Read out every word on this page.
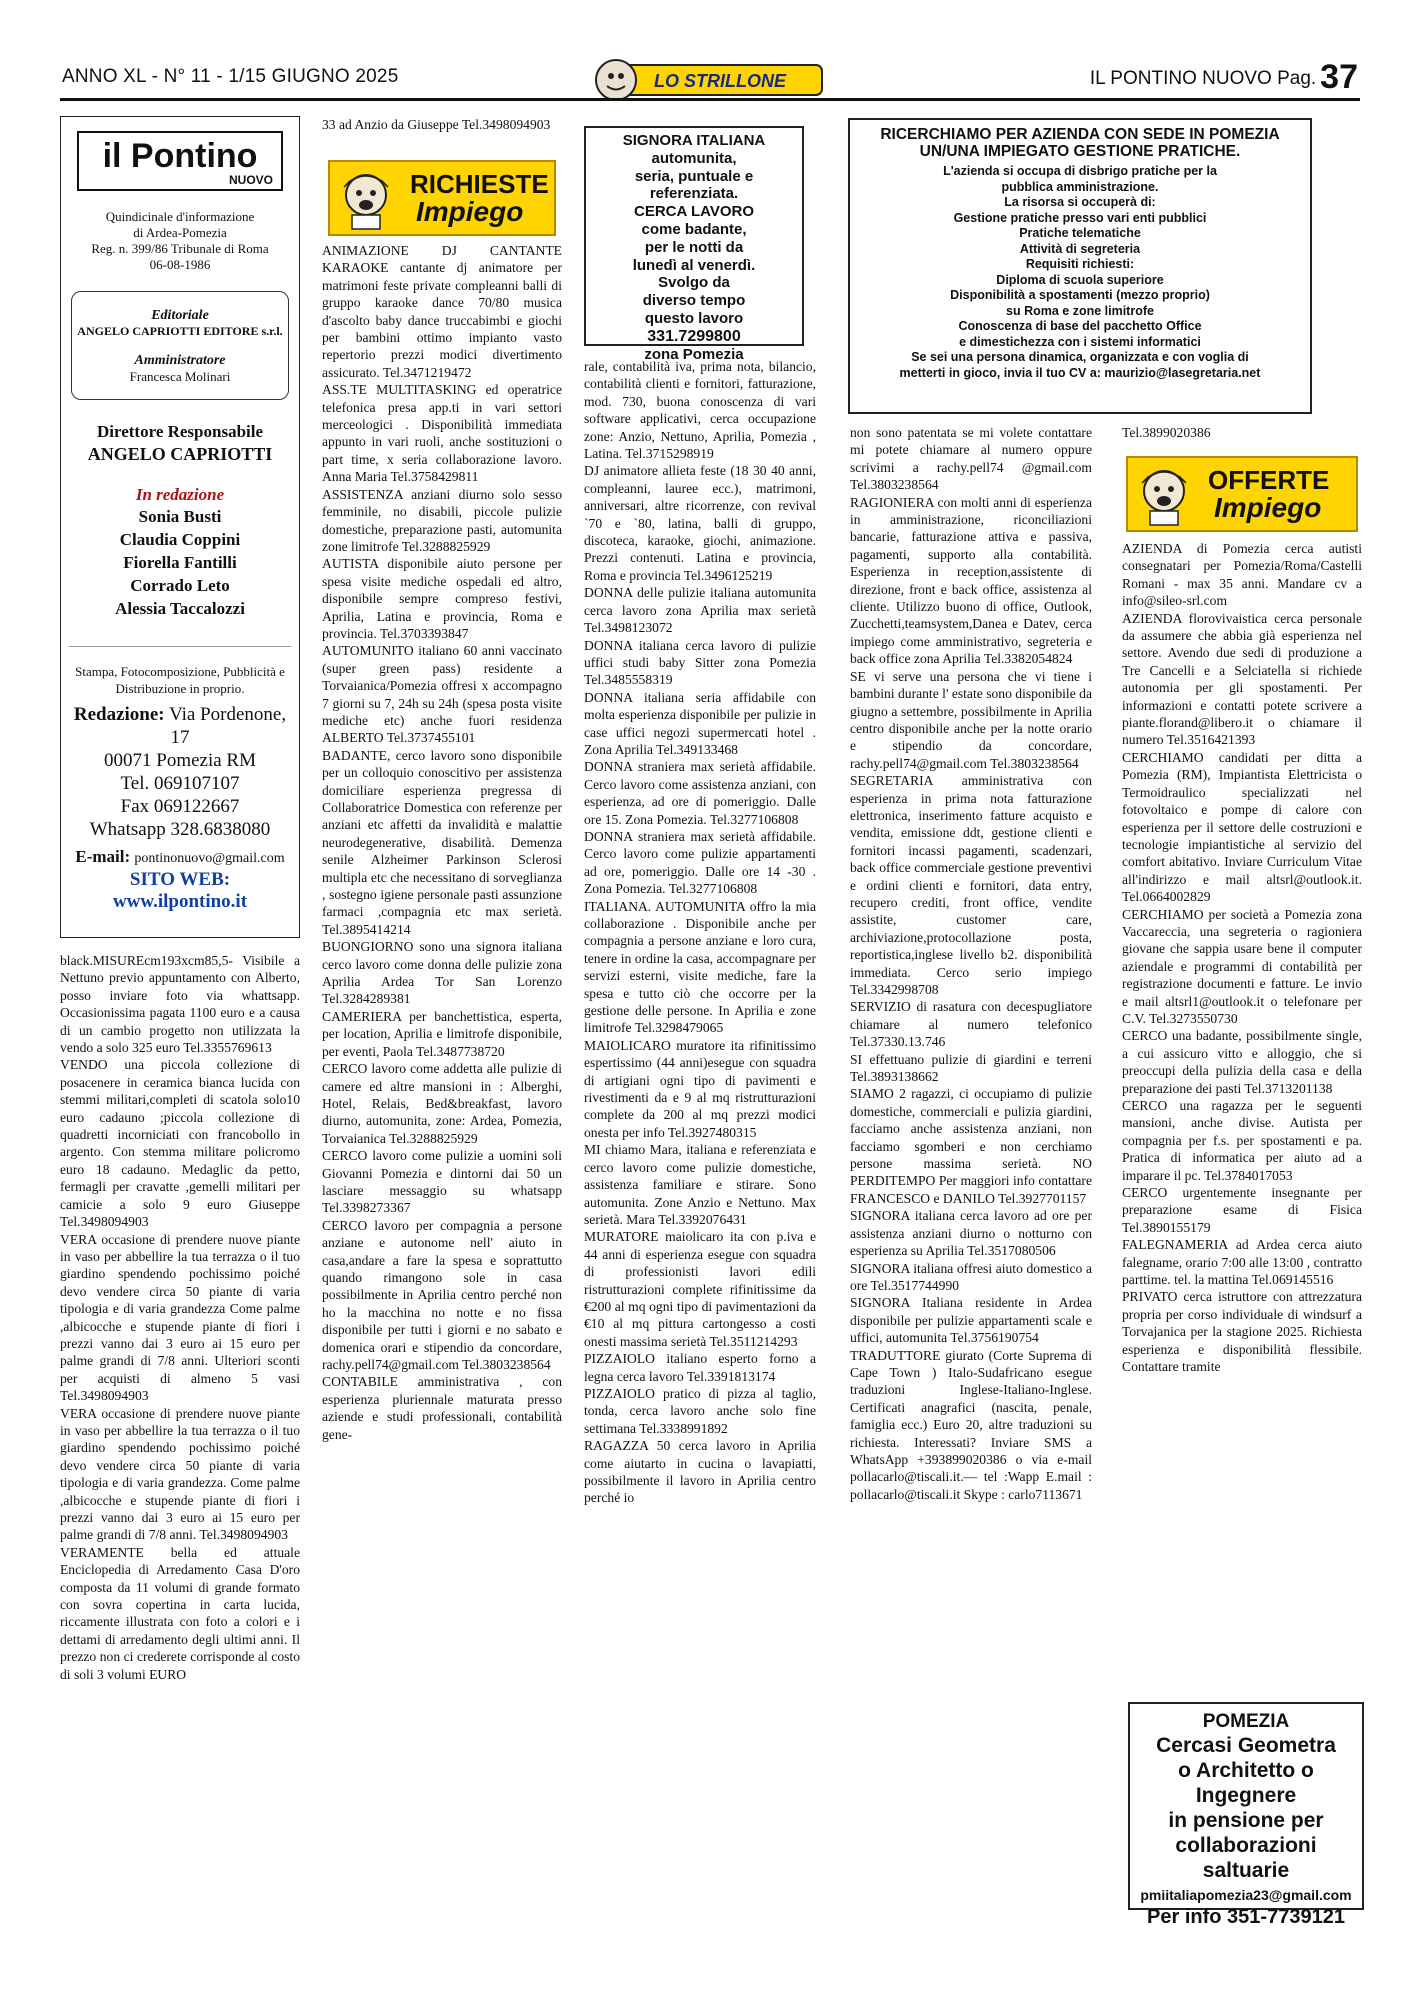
ANNO XL - N° 11 - 1/15 GIUGNO 2025	LO STRILLONE	IL PONTINO NUOVO Pag. 37
il Pontino
NUOVO
Quindicinale d'informazione
di Ardea-Pomezia
Reg. n. 399/86 Tribunale di Roma
06-08-1986
Editoriale
ANGELO CAPRIOTTI EDITORE s.r.l.
Amministratore
Francesca Molinari
Direttore Responsabile
ANGELO CAPRIOTTI
In redazione
Sonia Busti
Claudia Coppini
Fiorella Fantilli
Corrado Leto
Alessia Taccalozzi
Stampa, Fotocomposizione, Pubblicità e Distribuzione in proprio.
Redazione: Via Pordenone, 17
00071 Pomezia RM
Tel. 069107107
Fax 069122667
Whatsapp 328.6838080
E-mail: pontinonuovo@gmail.com
SITO WEB: www.ilpontino.it

black.MISUREcm193xcm85,5- Visibile a Nettuno previo appuntamento con Alberto, posso inviare foto via whattsapp. Occasionissima pagata 1100 euro e a causa di un cambio progetto non utilizzata la vendo a solo 325 euro Tel.3355769613

VENDO una piccola collezione di posacenere in ceramica bianca lucida con stemmi militari,completi di scatola solo10 euro cadauno ;piccola collezione di quadretti incorniciati con francobollo in argento. Con stemma militare policromo euro 18 cadauno. Medaglic da petto, fermagli per cravatte ,gemelli militari per camicie a solo 9 euro Giuseppe Tel.3498094903

VERA occasione di prendere nuove piante in vaso per abbellire la tua terrazza o il tuo giardino spendendo pochissimo poiché devo vendere circa 50 piante di varia tipologia e di varia grandezza Come palme ,albicocche e stupende piante di fiori i prezzi vanno dai 3 euro ai 15 euro per palme grandi di 7/8 anni. Ulteriori sconti per acquisti di almeno 5 vasi Tel.3498094903

VERA occasione di prendere nuove piante in vaso per abbellire la tua terrazza o il tuo giardino spendendo pochissimo poiché devo vendere circa 50 piante di varia tipologia e di varia grandezza. Come palme ,albicocche e stupende piante di fiori i prezzi vanno dai 3 euro ai 15 euro per palme grandi di 7/8 anni. Tel.3498094903

VERAMENTE bella ed attuale Enciclopedia di Arredamento Casa D'oro composta da 11 volumi di grande formato con sovra copertina in carta lucida, riccamente illustrata con foto a colori e i dettami di arredamento degli ultimi anni. Il prezzo non ci crederete corrisponde al costo di soli 3 volumi EURO

33 ad Anzio da Giuseppe Tel.3498094903

RICHIESTE
Impiego

ANIMAZIONE DJ CANTANTE KARAOKE cantante dj animatore per matrimoni feste private compleanni balli di gruppo karaoke dance 70/80 musica d'ascolto baby dance truccabimbi e giochi per bambini ottimo impianto vasto repertorio prezzi modici divertimento assicurato. Tel.3471219472

ASS.TE MULTITASKING ed operatrice telefonica presa app.ti in vari settori merceologici . Disponibilità immediata appunto in vari ruoli, anche sostituzioni o part time, x seria collaborazione lavoro. Anna Maria Tel.3758429811

ASSISTENZA anziani diurno solo sesso femminile, no disabili, piccole pulizie domestiche, preparazione pasti, automunita zone limitrofe Tel.3288825929

AUTISTA disponibile aiuto persone per spesa visite mediche ospedali ed altro, disponibile sempre compreso festivi, Aprilia, Latina e provincia, Roma e provincia. Tel.3703393847

AUTOMUNITO italiano 60 anni vaccinato (super green pass) residente a Torvaianica/Pomezia offresi x accompagno 7 giorni su 7, 24h su 24h (spesa posta visite mediche etc) anche fuori residenza ALBERTO Tel.3737455101

BADANTE, cerco lavoro sono disponibile per un colloquio conoscitivo per assistenza domiciliare esperienza pregressa di Collaboratrice Domestica con referenze per anziani etc affetti da invalidità e malattie neurodegenerative, disabilità. Demenza senile Alzheimer Parkinson Sclerosi multipla etc che necessitano di sorveglianza , sostegno igiene personale pasti assunzione farmaci ,compagnia etc max serietà. Tel.3895414214

BUONGIORNO sono una signora italiana cerco lavoro come donna delle pulizie zona Aprilia Ardea Tor San Lorenzo Tel.3284289381

CAMERIERA per banchettistica, esperta, per location, Aprilia e limitrofe disponibile, per eventi, Paola Tel.3487738720

CERCO lavoro come addetta alle pulizie di camere ed altre mansioni in : Alberghi, Hotel, Relais, Bed&breakfast, lavoro diurno, automunita, zone: Ardea, Pomezia, Torvaianica Tel.3288825929

CERCO lavoro come pulizie a uomini soli Giovanni Pomezia e dintorni dai 50 un lasciare messaggio su whatsapp Tel.3398273367

CERCO lavoro per compagnia a persone anziane e autonome nell' aiuto in casa,andare a fare la spesa e soprattutto quando rimangono sole in casa possibilmente in Aprilia centro perché non ho la macchina no notte e no fissa disponibile per tutti i giorni e no sabato e domenica orari e stipendio da concordare, rachy.pell74@gmail.com Tel.3803238564

CONTABILE amministrativa , con esperienza pluriennale maturata presso aziende e studi professionali, contabilità gene-

SIGNORA ITALIANA
automunita,
seria, puntuale e
referenziata.
CERCA LAVORO
come badante,
per le notti da
lunedì al venerdì.
Svolgo da
diverso tempo
questo lavoro
331.7299800
zona Pomezia

rale, contabilità iva, prima nota, bilancio, contabilità clienti e fornitori, fatturazione, mod. 730, buona conoscenza di vari software applicativi, cerca occupazione zone: Anzio, Nettuno, Aprilia, Pomezia , Latina. Tel.3715298919

DJ animatore allieta feste (18 30 40 anni, compleanni, lauree ecc.), matrimoni, anniversari, altre ricorrenze, con revival `70 e `80, latina, balli di gruppo, discoteca, karaoke, giochi, animazione. Prezzi contenuti. Latina e provincia, Roma e provincia Tel.3496125219

DONNA delle pulizie italiana automunita cerca lavoro zona Aprilia max serietà Tel.3498123072

DONNA italiana cerca lavoro di pulizie uffici studi baby Sitter zona Pomezia Tel.3485558319

DONNA italiana seria affidabile con molta esperienza disponibile per pulizie in case uffici negozi supermercati hotel . Zona Aprilia Tel.349133468

DONNA straniera max serietà affidabile. Cerco lavoro come assistenza anziani, con esperienza, ad ore di pomeriggio. Dalle ore 15. Zona Pomezia. Tel.3277106808

DONNA straniera max serietà affidabile. Cerco lavoro come pulizie appartamenti ad ore, pomeriggio. Dalle ore 14 -30 . Zona Pomezia. Tel.3277106808

ITALIANA. AUTOMUNITA offro la mia collaborazione . Disponibile anche per compagnia a persone anziane e loro cura, tenere in ordine la casa, accompagnare per servizi esterni, visite mediche, fare la spesa e tutto ciò che occorre per la gestione delle persone. In Aprilia e zone limitrofe Tel.3298479065

MAIOLICARO muratore ita rifinitissimo espertissimo (44 anni)esegue con squadra di artigiani ogni tipo di pavimenti e rivestimenti da e 9 al mq ristrutturazioni complete da 200 al mq prezzi modici onesta per info Tel.3927480315

MI chiamo Mara, italiana e referenziata e cerco lavoro come pulizie domestiche, assistenza familiare e stirare. Sono automunita. Zone Anzio e Nettuno. Max serietà. Mara Tel.3392076431

MURATORE maiolicaro ita con p.iva e 44 anni di esperienza esegue con squadra di professionisti lavori edili ristrutturazioni complete rifinitissime da €200 al mq ogni tipo di pavimentazioni da €10 al mq pittura cartongesso a costi onesti massima serietà Tel.3511214293

PIZZAIOLO italiano esperto forno a legna cerca lavoro Tel.3391813174

PIZZAIOLO pratico di pizza al taglio, tonda, cerca lavoro anche solo fine settimana Tel.3338991892

RAGAZZA 50 cerca lavoro in Aprilia come aiutarto in cucina o lavapiatti, possibilmente il lavoro in Aprilia centro perché io

RICERCHIAMO PER AZIENDA CON SEDE IN POMEZIA
UN/UNA IMPIEGATO GESTIONE PRATICHE.
L'azienda si occupa di disbrigo pratiche per la
pubblica amministrazione.
La risorsa si occuperà di:
Gestione pratiche presso vari enti pubblici
Pratiche telematiche
Attività di segreteria
Requisiti richiesti:
Diploma di scuola superiore
Disponibilità a spostamenti (mezzo proprio)
su Roma e zone limitrofe
Conoscenza di base del pacchetto Office
e dimestichezza con i sistemi informatici
Se sei una persona dinamica, organizzata e con voglia di
metterti in gioco, invia il tuo CV a: maurizio@lasegretaria.net

non sono patentata se mi volete contattare mi potete chiamare al numero oppure scrivimi a rachy.pell74 @gmail.com Tel.3803238564

RAGIONIERA con molti anni di esperienza in amministrazione, riconciliazioni bancarie, fatturazione attiva e passiva, pagamenti, supporto alla contabilità. Esperienza in reception,assistente di direzione, front e back office, assistenza al cliente. Utilizzo buono di office, Outlook, Zucchetti,teamsystem,Danea e Datev, cerca impiego come amministrativo, segreteria e back office zona Aprilia Tel.3382054824

SE vi serve una persona che vi tiene i bambini durante l' estate sono disponibile da giugno a settembre, possibilmente in Aprilia centro disponibile anche per la notte orario e stipendio da concordare, rachy.pell74@gmail.com Tel.3803238564

SEGRETARIA amministrativa con esperienza in prima nota fatturazione elettronica, inserimento fatture acquisto e vendita, emissione ddt, gestione clienti e fornitori incassi pagamenti, scadenzari, back office commerciale gestione preventivi e ordini clienti e fornitori, data entry, recupero crediti, front office, vendite assistite, customer care, archiviazione,protocollazione posta, reportistica,inglese livello b2. disponibilità immediata. Cerco serio impiego Tel.3342998708

SERVIZIO di rasatura con decespugliatore chiamare al numero telefonico Tel.37330.13.746

SI effettuano pulizie di giardini e terreni Tel.3893138662

SIAMO 2 ragazzi, ci occupiamo di pulizie domestiche, commerciali e pulizia giardini, facciamo anche assistenza anziani, non facciamo sgomberi e non cerchiamo persone massima serietà. NO PERDITEMPO Per maggiori info contattare FRANCESCO e DANILO Tel.3927701157

SIGNORA italiana cerca lavoro ad ore per assistenza anziani diurno o notturno con esperienza su Aprilia Tel.3517080506

SIGNORA italiana offresi aiuto domestico a ore Tel.3517744990

SIGNORA Italiana residente in Ardea disponibile per pulizie appartamenti scale e uffici, automunita Tel.3756190754

TRADUTTORE giurato (Corte Suprema di Cape Town ) Italo-Sudafricano esegue traduzioni Inglese-Italiano-Inglese. Certificati anagrafici (nascita, penale, famiglia ecc.) Euro 20, altre traduzioni su richiesta. Interessati? Inviare SMS a WhatsApp +393899020386 o via e-mail pollacarlo@tiscali.it.— tel :Wapp E.mail : pollacarlo@tiscali.it Skype : carlo7113671

Tel.3899020386

OFFERTE
Impiego

AZIENDA di Pomezia cerca autisti consegnatari per Pomezia/Roma/Castelli Romani - max 35 anni. Mandare cv a info@sileo-srl.com

AZIENDA florovivaistica cerca personale da assumere che abbia già esperienza nel settore. Avendo due sedi di produzione a Tre Cancelli e a Selciatella si richiede autonomia per gli spostamenti. Per informazioni e contatti potete scrivere a piante.florand@libero.it o chiamare il numero Tel.3516421393

CERCHIAMO candidati per ditta a Pomezia (RM), Impiantista Elettricista o Termoidraulico specializzati nel fotovoltaico e pompe di calore con esperienza per il settore delle costruzioni e tecnologie impiantistiche al servizio del comfort abitativo. Inviare Curriculum Vitae all'indirizzo e mail altsrl@outlook.it. Tel.0664002829

CERCHIAMO per società a Pomezia zona Vaccareccia, una segreteria o ragioniera giovane che sappia usare bene il computer aziendale e programmi di contabilità per registrazione documenti e fatture. Le invio e mail altsrl1@outlook.it o telefonare per C.V. Tel.3273550730

CERCO una badante, possibilmente single, a cui assicuro vitto e alloggio, che si preoccupi della pulizia della casa e della preparazione dei pasti Tel.3713201138

CERCO una ragazza per le seguenti mansioni, anche divise. Autista per compagnia per f.s. per spostamenti e pa. Pratica di informatica per aiuto ad a imparare il pc. Tel.3784017053

CERCO urgentemente insegnante per preparazione esame di Fisica Tel.3890155179

FALEGNAMERIA ad Ardea cerca aiuto falegname, orario 7:00 alle 13:00 , contratto parttime. tel. la mattina Tel.069145516

PRIVATO cerca istruttore con attrezzatura propria per corso individuale di windsurf a Torvajanica per la stagione 2025. Richiesta esperienza e disponibilità flessibile. Contattare tramite

POMEZIA
Cercasi Geometra
o Architetto o Ingegnere
in pensione per
collaborazioni saltuarie
pmiitaliapomezia23@gmail.com
Per info 351-7739121
